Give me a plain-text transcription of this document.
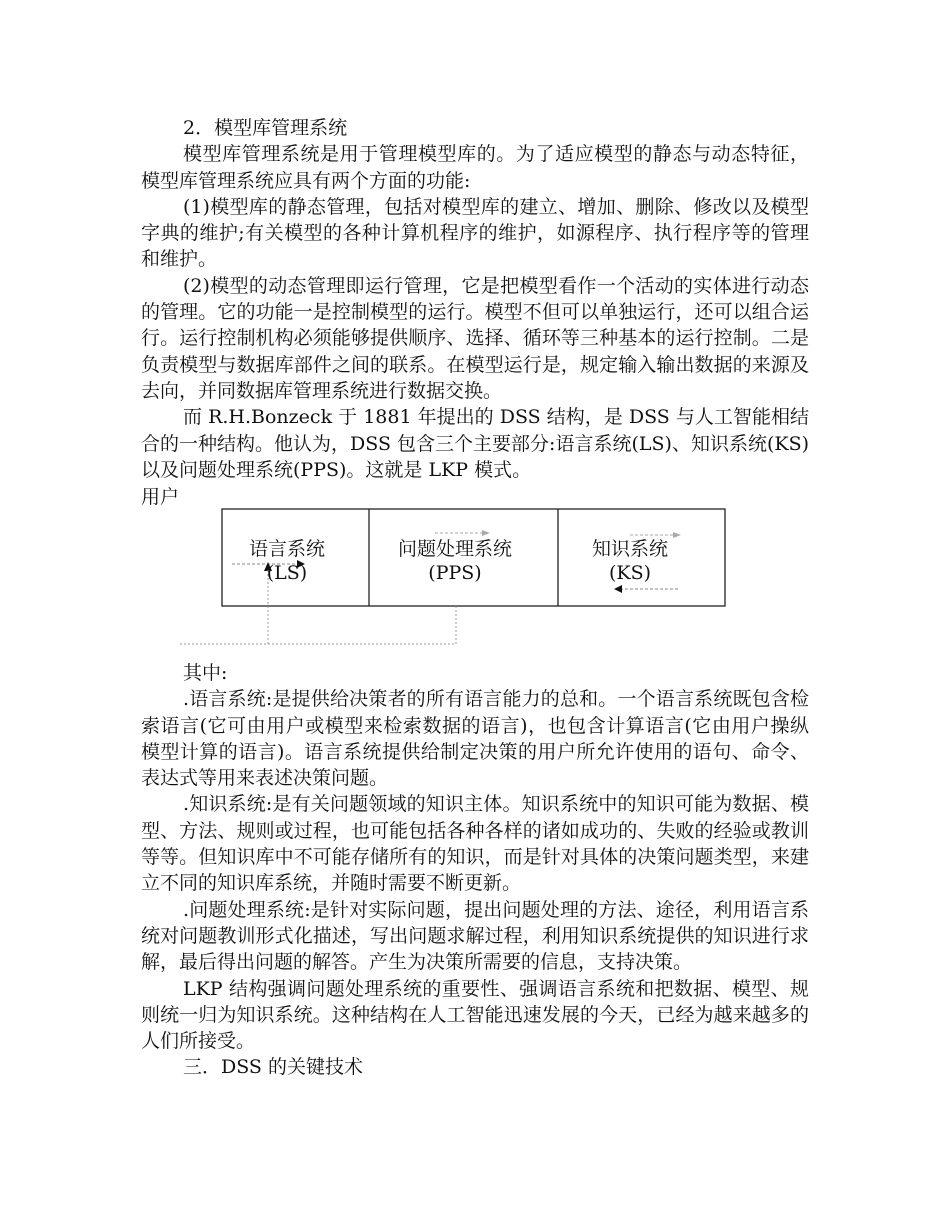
2．模型库管理系统

模型库管理系统是用于管理模型库的。为了适应模型的静态与动态特征，模型库管理系统应具有两个方面的功能:

(1)模型库的静态管理，包括对模型库的建立、增加、删除、修改以及模型字典的维护;有关模型的各种计算机程序的维护，如源程序、执行程序等的管理和维护。

(2)模型的动态管理即运行管理，它是把模型看作一个活动的实体进行动态的管理。它的功能一是控制模型的运行。模型不但可以单独运行，还可以组合运行。运行控制机构必须能够提供顺序、选择、循环等三种基本的运行控制。二是负责模型与数据库部件之间的联系。在模型运行是，规定输入输出数据的来源及去向，并同数据库管理系统进行数据交换。

而 R.H.Bonzeck 于 1881 年提出的 DSS 结构，是 DSS 与人工智能相结合的一种结构。他认为，DSS 包含三个主要部分:语言系统(LS)、知识系统(KS)以及问题处理系统(PPS)。这就是 LKP 模式。

用户
语言系统
(LS)
问题处理系统
(PPS)
知识系统
(KS)

其中:

.语言系统:是提供给决策者的所有语言能力的总和。一个语言系统既包含检索语言(它可由用户或模型来检索数据的语言)，也包含计算语言(它由用户操纵模型计算的语言)。语言系统提供给制定决策的用户所允许使用的语句、命令、表达式等用来表述决策问题。

.知识系统:是有关问题领域的知识主体。知识系统中的知识可能为数据、模型、方法、规则或过程，也可能包括各种各样的诸如成功的、失败的经验或教训等等。但知识库中不可能存储所有的知识，而是针对具体的决策问题类型，来建立不同的知识库系统，并随时需要不断更新。

.问题处理系统:是针对实际问题，提出问题处理的方法、途径，利用语言系统对问题教训形式化描述，写出问题求解过程，利用知识系统提供的知识进行求解，最后得出问题的解答。产生为决策所需要的信息，支持决策。

LKP 结构强调问题处理系统的重要性、强调语言系统和把数据、模型、规则统一归为知识系统。这种结构在人工智能迅速发展的今天，已经为越来越多的人们所接受。

三．DSS 的关键技术
